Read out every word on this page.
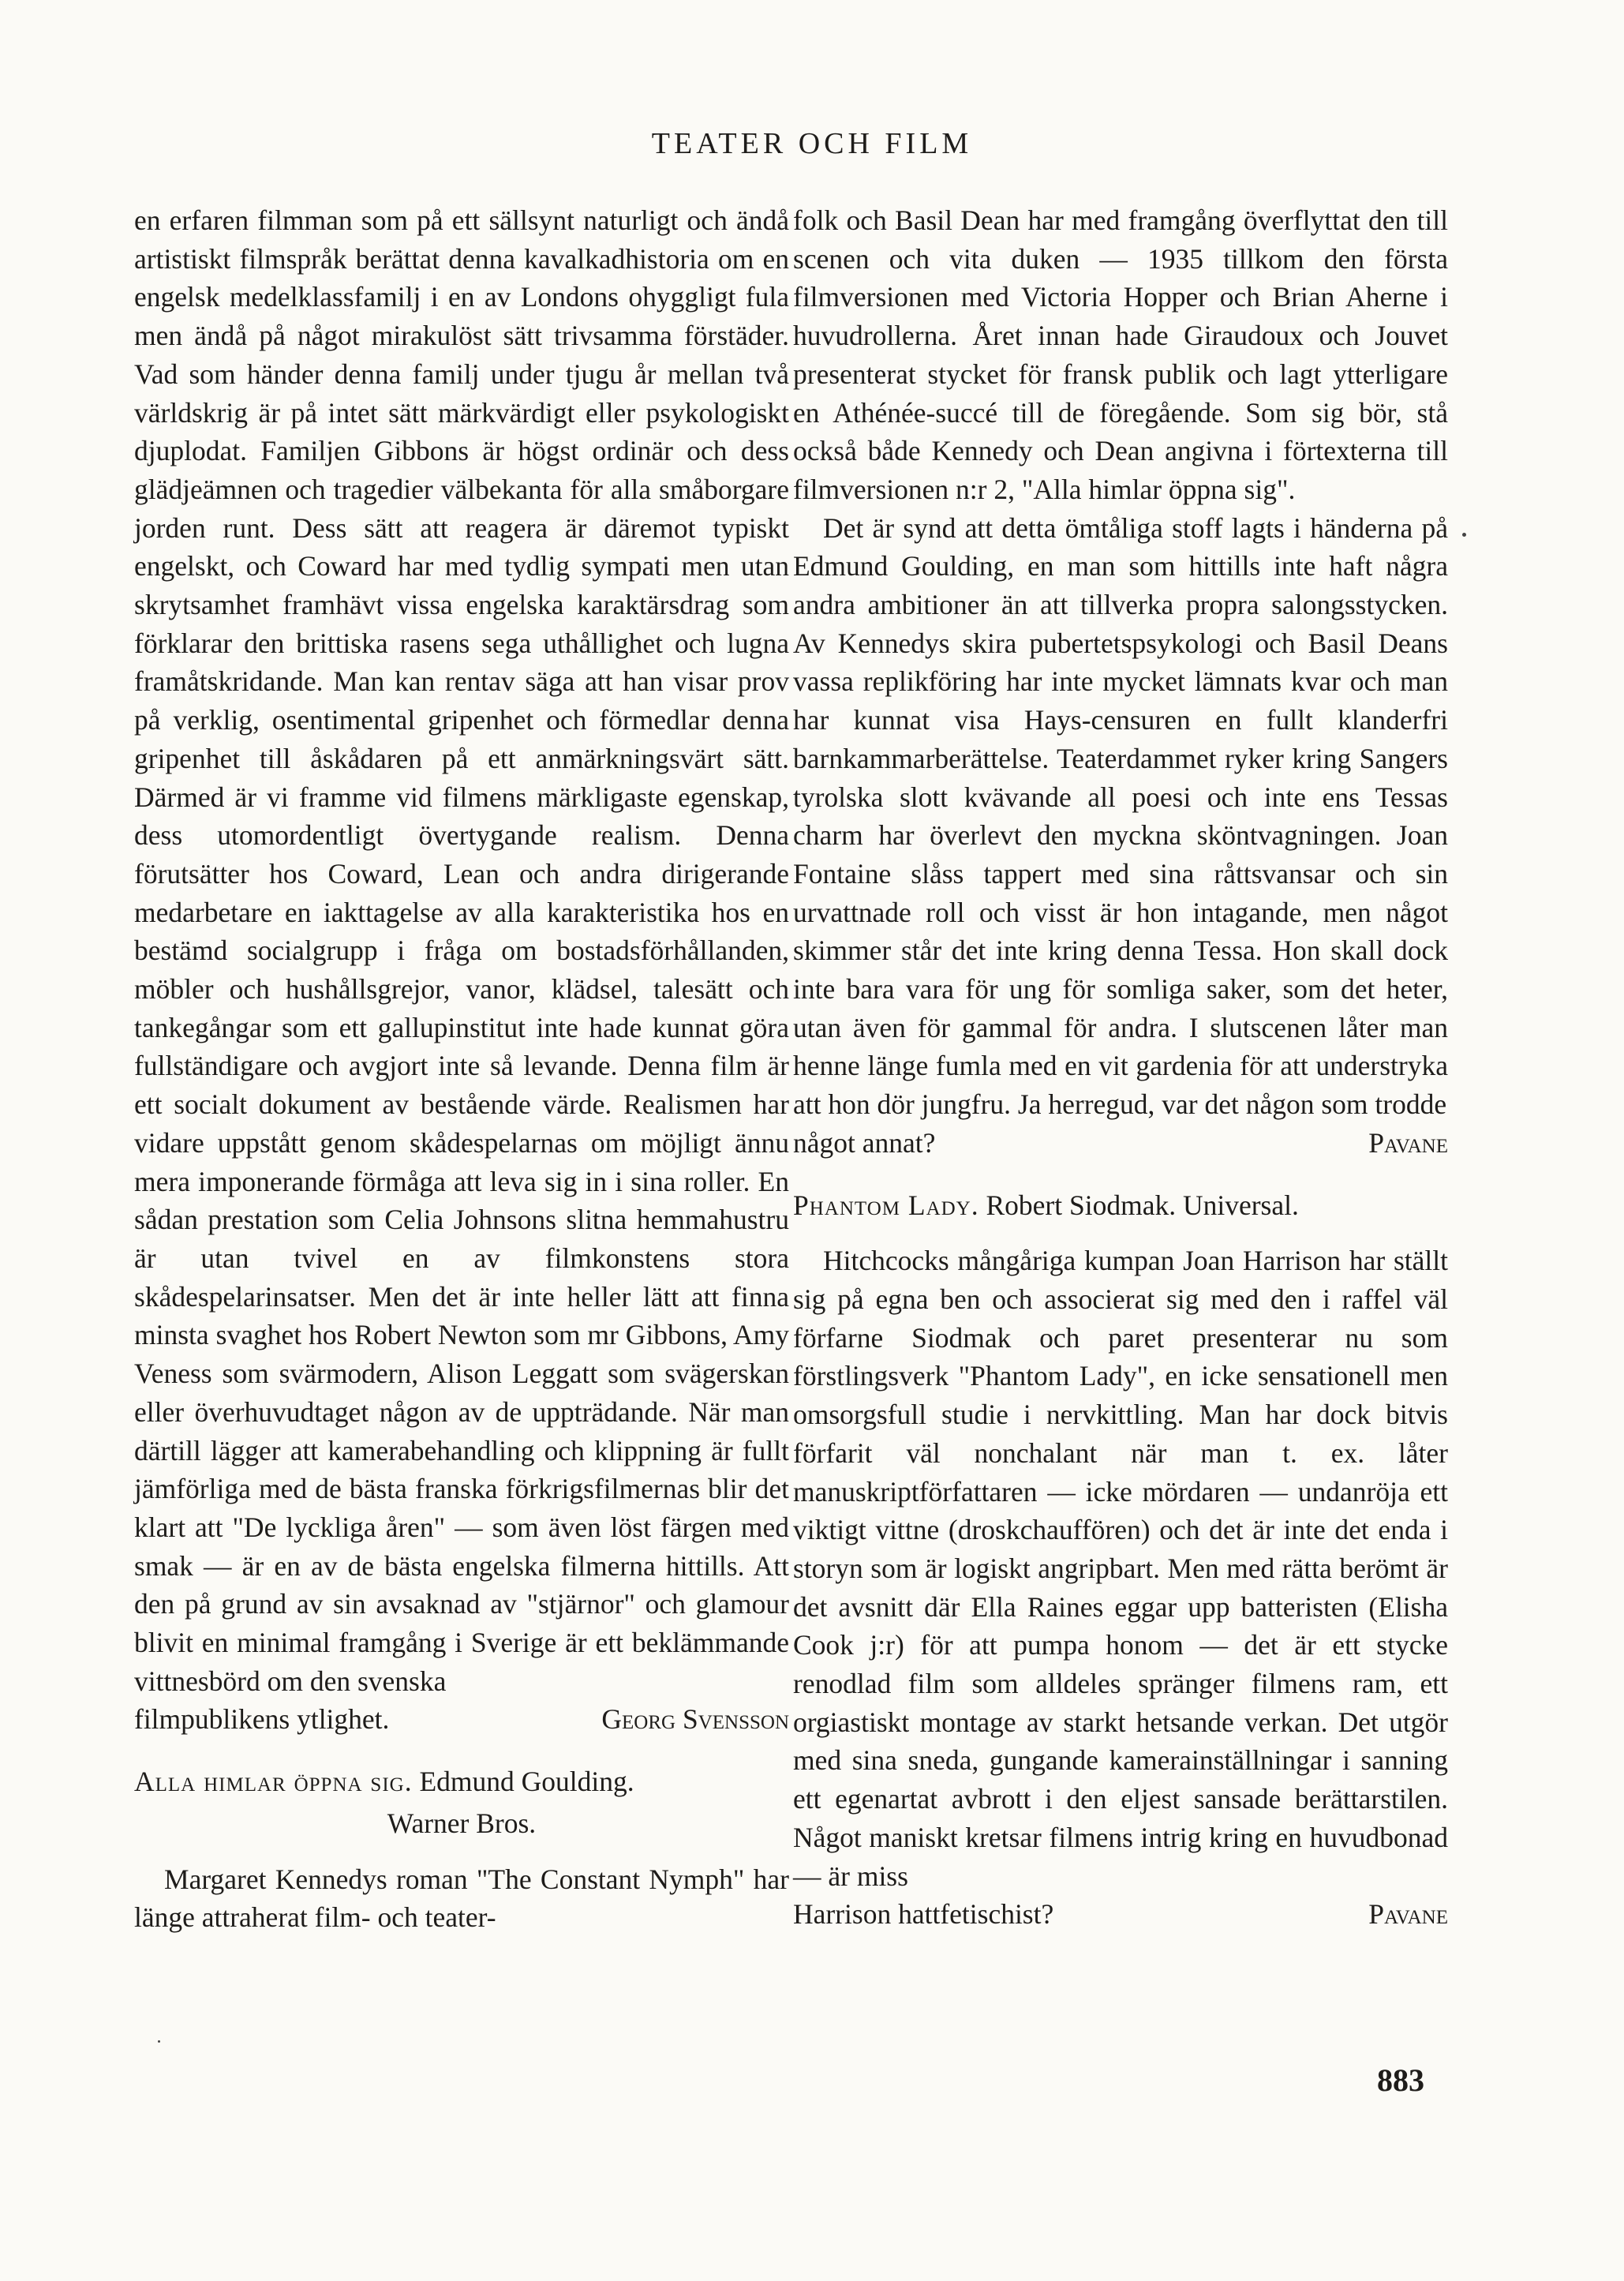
TEATER OCH FILM

en erfaren filmman som på ett sällsynt naturligt och ändå artistiskt filmspråk berättat denna kavalkadhistoria om en engelsk medelklassfamilj i en av Londons ohyggligt fula men ändå på något mirakulöst sätt trivsamma förstäder. Vad som händer denna familj under tjugu år mellan två världskrig är på intet sätt märkvärdigt eller psykologiskt djuplodat. Familjen Gibbons är högst ordinär och dess glädjeämnen och tragedier välbekanta för alla småborgare jorden runt. Dess sätt att reagera är däremot typiskt engelskt, och Coward har med tydlig sympati men utan skrytsamhet framhävt vissa engelska karaktärsdrag som förklarar den brittiska rasens sega uthållighet och lugna framåtskridande. Man kan rentav säga att han visar prov på verklig, osentimental gripenhet och förmedlar denna gripenhet till åskådaren på ett anmärkningsvärt sätt. Därmed är vi framme vid filmens märkligaste egenskap, dess utomordentligt övertygande realism. Denna förutsätter hos Coward, Lean och andra dirigerande medarbetare en iakttagelse av alla karakteristika hos en bestämd socialgrupp i fråga om bostadsförhållanden, möbler och hushållsgrejor, vanor, klädsel, talesätt och tankegångar som ett gallupinstitut inte hade kunnat göra fullständigare och avgjort inte så levande. Denna film är ett socialt dokument av bestående värde. Realismen har vidare uppstått genom skådespelarnas om möjligt ännu mera imponerande förmåga att leva sig in i sina roller. En sådan prestation som Celia Johnsons slitna hemmahustru är utan tvivel en av filmkonstens stora skådespelarinsatser. Men det är inte heller lätt att finna minsta svaghet hos Robert Newton som mr Gibbons, Amy Veness som svärmodern, Alison Leggatt som svägerskan eller överhuvudtaget någon av de uppträdande. När man därtill lägger att kamerabehandling och klippning är fullt jämförliga med de bästa franska förkrigsfilmernas blir det klart att "De lyckliga åren" — som även löst färgen med smak — är en av de bästa engelska filmerna hittills. Att den på grund av sin avsaknad av "stjärnor" och glamour blivit en minimal framgång i Sverige är ett beklämmande vittnesbörd om den svenska

filmpublikens ytlighet.	Georg Svensson
Alla himlar öppna sig. Edmund Goulding.
Warner Bros.

Margaret Kennedys roman "The Constant Nymph" har länge attraherat film- och teater-

folk och Basil Dean har med framgång överflyttat den till scenen och vita duken — 1935 tillkom den första filmversionen med Victoria Hopper och Brian Aherne i huvudrollerna. Året innan hade Giraudoux och Jouvet presenterat stycket för fransk publik och lagt ytterligare en Athénée-succé till de föregående. Som sig bör, stå också både Kennedy och Dean angivna i förtexterna till filmversionen n:r 2, "Alla himlar öppna sig".

Det är synd att detta ömtåliga stoff lagts i händerna på Edmund Goulding, en man som hittills inte haft några andra ambitioner än att tillverka propra salongsstycken. Av Kennedys skira pubertetspsykologi och Basil Deans vassa replikföring har inte mycket lämnats kvar och man har kunnat visa Hays-censuren en fullt klanderfri barnkammarberättelse. Teaterdammet ryker kring Sangers tyrolska slott kvävande all poesi och inte ens Tessas charm har överlevt den myckna sköntvagningen. Joan Fontaine slåss tappert med sina råttsvansar och sin urvattnade roll och visst är hon intagande, men något skimmer står det inte kring denna Tessa. Hon skall dock inte bara vara för ung för somliga saker, som det heter, utan även för gammal för andra. I slutscenen låter man henne länge fumla med en vit gardenia för att understryka att hon dör jungfru. Ja herregud, var det någon som trodde

något annat?	Pavane
Phantom Lady. Robert Siodmak. Universal.

Hitchcocks mångåriga kumpan Joan Harrison har ställt sig på egna ben och associerat sig med den i raffel väl förfarne Siodmak och paret presenterar nu som förstlingsverk "Phantom Lady", en icke sensationell men omsorgsfull studie i nervkittling. Man har dock bitvis förfarit väl nonchalant när man t. ex. låter manuskriptförfattaren — icke mördaren — undanröja ett viktigt vittne (droskchauffören) och det är inte det enda i storyn som är logiskt angripbart. Men med rätta berömt är det avsnitt där Ella Raines eggar upp batteristen (Elisha Cook j:r) för att pumpa honom — det är ett stycke renodlad film som alldeles spränger filmens ram, ett orgiastiskt montage av starkt hetsande verkan. Det utgör med sina sneda, gungande kamerainställningar i sanning ett egenartat avbrott i den eljest sansade berättarstilen. Något maniskt kretsar filmens intrig kring en huvudbonad — är miss

Harrison hattfetischist?	Pavane
883
